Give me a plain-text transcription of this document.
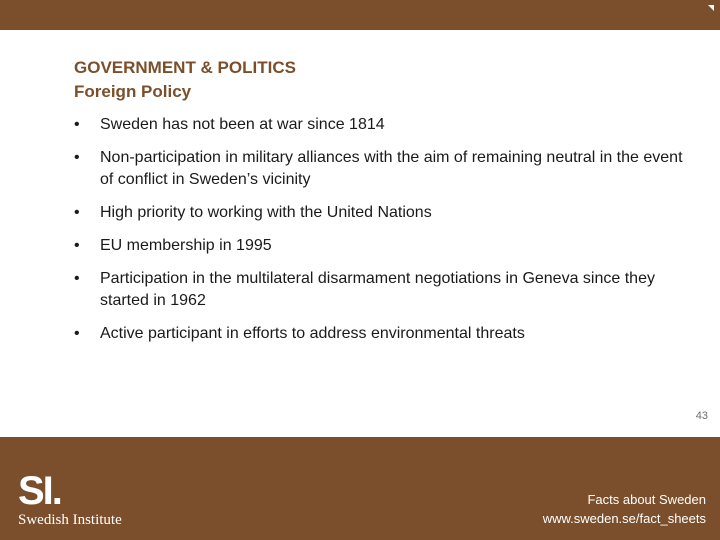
GOVERNMENT & POLITICS
Foreign Policy
• Sweden has not been at war since 1814
• Non-participation in military alliances with the aim of remaining neutral in the event of conflict in Sweden’s vicinity
• High priority to working with the United Nations
• EU membership in 1995
• Participation in the multilateral disarmament negotiations in Geneva since they started in 1962
• Active participant in efforts to address environmental threats
43
SI.
Swedish Institute
Facts about Sweden
www.sweden.se/fact_sheets
